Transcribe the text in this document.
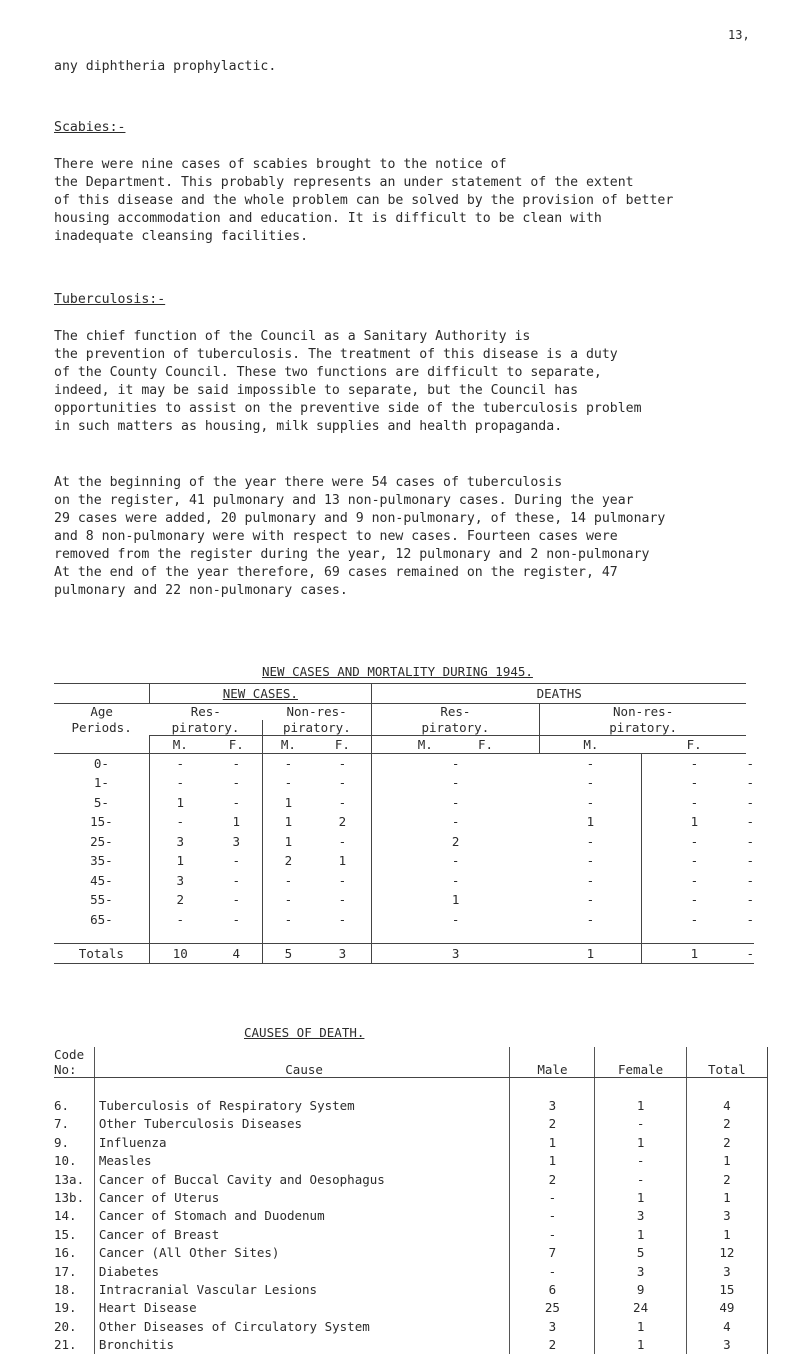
13,
any diphtheria prophylactic.
Scabies:-
There were nine cases of scabies brought to the notice of
the Department. This probably represents an under statement of the extent
of this disease and the whole problem can be solved by the provision of better
housing accommodation and education. It is difficult to be clean with
inadequate cleansing facilities.
Tuberculosis:-
The chief function of the Council as a Sanitary Authority is
the prevention of tuberculosis. The treatment of this disease is a duty
of the County Council. These two functions are difficult to separate,
indeed, it may be said impossible to separate, but the Council has
opportunities to assist on the preventive side of the tuberculosis problem
in such matters as housing, milk supplies and health propaganda.
At the beginning of the year there were 54 cases of tuberculosis
on the register, 41 pulmonary and 13 non-pulmonary cases. During the year
29 cases were added, 20 pulmonary and 9 non-pulmonary, of these, 14 pulmonary
and 8 non-pulmonary were with respect to new cases. Fourteen cases were
removed from the register during the year, 12 pulmonary and 2 non-pulmonary
At the end of the year therefore, 69 cases remained on the register, 47
pulmonary and 22 non-pulmonary cases.
NEW CASES AND MORTALITY DURING 1945.
	NEW CASES.				DEATHS			
Age	Res-		Non-res-		Res-	Non-res-		
Periods.	piratory.		piratory.		piratory.	piratory.		
	M.	F.	M.	F.	M. F.	M.	F.	
0-	-	-	-	-	-	-	-	-
1-	-	-	-	-	-	-	-	-
5-	1	-	1	-	-	-	-	-
15-	-	1	1	2	-	1	1	-
25-	3	3	1	-	2	-	-	-
35-	1	-	2	1	-	-	-	-
45-	3	-	-	-	-	-	-	-
55-	2	-	-	-	1	-	-	-
65-	-	-	-	-	-	-	-	-

Totals	10	4	5	3	3	1	1	-
CAUSES OF DEATH.
Code
No:	Cause	Male	Female	Total

6.	Tuberculosis of Respiratory System	3	1	4
7.	Other Tuberculosis Diseases	2	-	2
9.	Influenza	1	1	2
10.	Measles	1	-	1
13a.	Cancer of Buccal Cavity and Oesophagus	2	-	2
13b.	Cancer of Uterus	-	1	1
14.	Cancer of Stomach and Duodenum	-	3	3
15.	Cancer of Breast	-	1	1
16.	Cancer (All Other Sites)	7	5	12
17.	Diabetes	-	3	3
18.	Intracranial Vascular Lesions	6	9	15
19.	Heart Disease	25	24	49
20.	Other Diseases of Circulatory System	3	1	4
21.	Bronchitis	2	1	3
